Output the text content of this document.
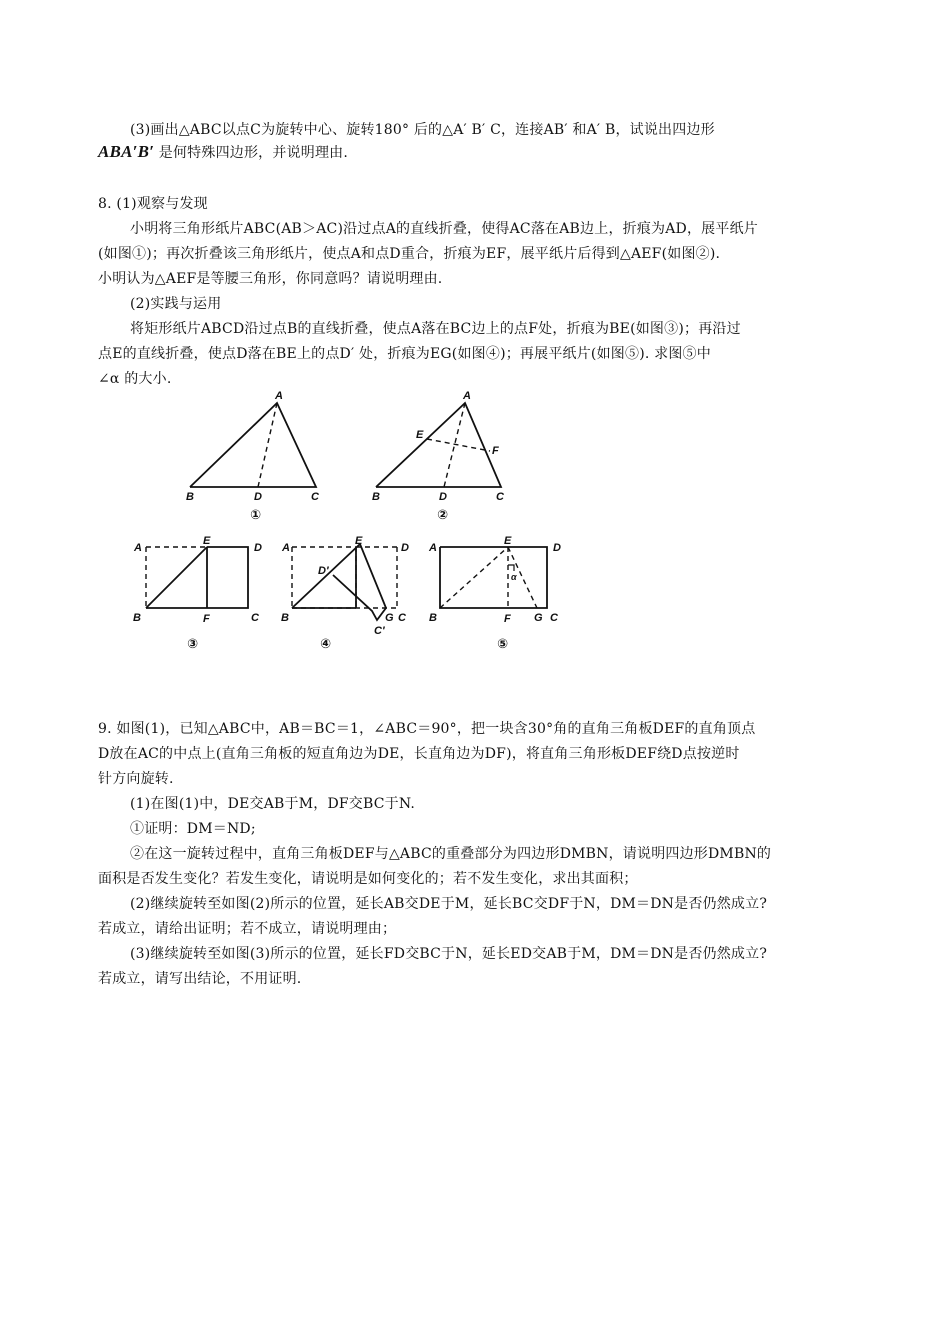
(3)画出△ABC以点C为旋转中心、旋转180° 后的△A′ B′ C，连接AB′ 和A′ B，试说出四边形
ABA′B′ 是何特殊四边形，并说明理由.
8. (1)观察与发现
小明将三角形纸片ABC(AB＞AC)沿过点A的直线折叠，使得AC落在AB边上，折痕为AD，展平纸片
(如图①)；再次折叠该三角形纸片，使点A和点D重合，折痕为EF，展平纸片后得到△AEF(如图②).
小明认为△AEF是等腰三角形，你同意吗？请说明理由.
(2)实践与运用
将矩形纸片ABCD沿过点B的直线折叠，使点A落在BC边上的点F处，折痕为BE(如图③)；再沿过
点E的直线折叠，使点D落在BE上的点D′ 处，折痕为EG(如图④)；再展平纸片(如图⑤). 求图⑤中
∠α 的大小.
A
B	D	C
①
A
E
F
B	D	C
②
A
E
D
B	F	C
③
A
E
D
D′
B	G C
C′
④
A
E
D
α
B	F G C
⑤
9. 如图(1)，已知△ABC中，AB＝BC＝1，∠ABC＝90°，把一块含30°角的直角三角板DEF的直角顶点
D放在AC的中点上(直角三角板的短直角边为DE，长直角边为DF)，将直角三角形板DEF绕D点按逆时
针方向旋转.
(1)在图(1)中，DE交AB于M，DF交BC于N.
①证明：DM＝ND;
②在这一旋转过程中，直角三角板DEF与△ABC的重叠部分为四边形DMBN，请说明四边形DMBN的
面积是否发生变化？若发生变化，请说明是如何变化的；若不发生变化，求出其面积；
(2)继续旋转至如图(2)所示的位置，延长AB交DE于M，延长BC交DF于N，DM＝DN是否仍然成立?
若成立，请给出证明；若不成立，请说明理由；
(3)继续旋转至如图(3)所示的位置，延长FD交BC于N，延长ED交AB于M，DM＝DN是否仍然成立?
若成立，请写出结论，不用证明.
